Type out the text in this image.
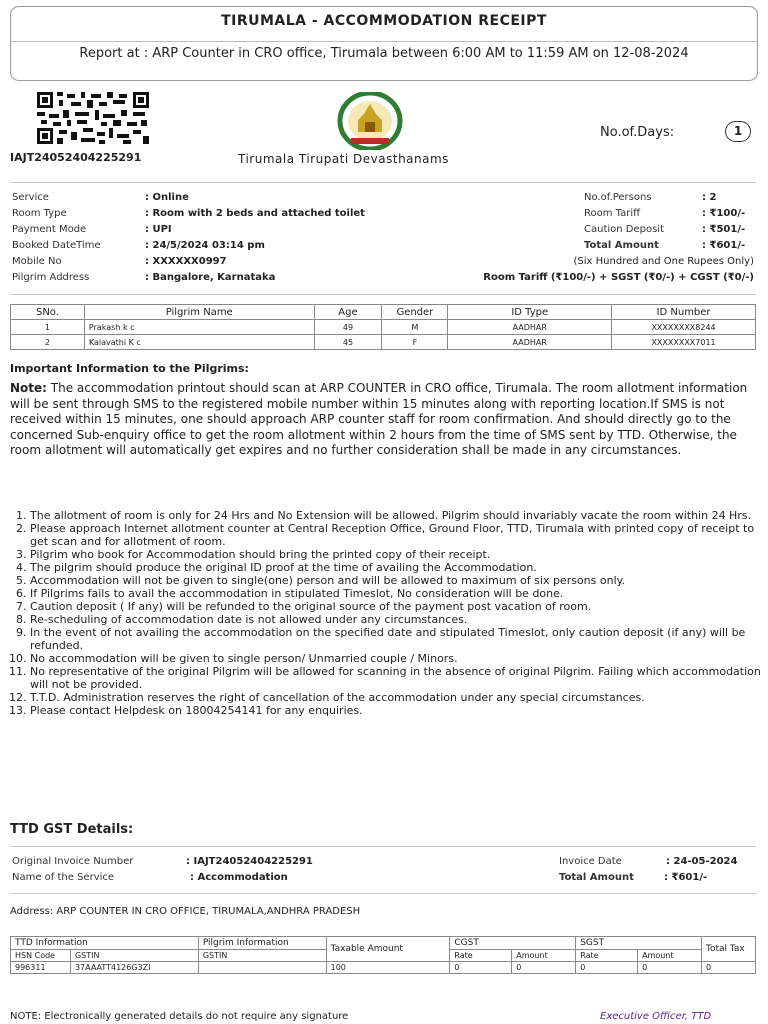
TIRUMALA - ACCOMMODATION RECEIPT
Report at : ARP Counter in CRO office, Tirumala between 6:00 AM to 11:59 AM on 12-08-2024
IAJT24052404225291	Tirumala Tirupati Devasthanams
No.of.Days:	1
Service	: Online
Room Type	: Room with 2 beds and attached toilet
Payment Mode	: UPI
Booked DateTime	: 24/5/2024 03:14 pm
Mobile No	: XXXXXX0997
Pilgrim Address	: Bangalore, Karnataka
No.of.Persons	: 2
Room Tariff	: ₹100/-
Caution Deposit	: ₹501/-
Total Amount	: ₹601/-
(Six Hundred and One Rupees Only)
Room Tariff (₹100/-) + SGST (₹0/-) + CGST (₹0/-)
SNo.	Pilgrim Name	Age	Gender	ID Type	ID Number
1	Prakash k c	49	M	AADHAR	XXXXXXXX8244
2	Kalavathi K c	45	F	AADHAR	XXXXXXXX7011
Important Information to the Pilgrims:
Note: The accommodation printout should scan at ARP COUNTER in CRO office, Tirumala. The room allotment information will be sent through SMS to the registered mobile number within 15 minutes along with reporting location.If SMS is not received within 15 minutes, one should approach ARP counter staff for room confirmation. And should directly go to the concerned Sub-enquiry office to get the room allotment within 2 hours from the time of SMS sent by TTD. Otherwise, the room allotment will automatically get expires and no further consideration shall be made in any circumstances.
1. The allotment of room is only for 24 Hrs and No Extension will be allowed. Pilgrim should invariably vacate the room within 24 Hrs.
2. Please approach Internet allotment counter at Central Reception Office, Ground Floor, TTD, Tirumala with printed copy of receipt to get scan and for allotment of room.
3. Pilgrim who book for Accommodation should bring the printed copy of their receipt.
4. The pilgrim should produce the original ID proof at the time of availing the Accommodation.
5. Accommodation will not be given to single(one) person and will be allowed to maximum of six persons only.
6. If Pilgrims fails to avail the accommodation in stipulated Timeslot, No consideration will be done.
7. Caution deposit ( If any) will be refunded to the original source of the payment post vacation of room.
8. Re-scheduling of accommodation date is not allowed under any circumstances.
9. In the event of not availing the accommodation on the specified date and stipulated Timeslot, only caution deposit (if any) will be refunded.
10. No accommodation will be given to single person/ Unmarried couple / Minors.
11. No representative of the original Pilgrim will be allowed for scanning in the absence of original Pilgrim. Failing which accommodation will not be provided.
12. T.T.D. Administration reserves the right of cancellation of the accommodation under any special circumstances.
13. Please contact Helpdesk on 18004254141 for any enquiries.
TTD GST Details:
Original Invoice Number	: IAJT24052404225291
Name of the Service	: Accommodation
Invoice Date	: 24-05-2024
Total Amount	: ₹601/-
Address: ARP COUNTER IN CRO OFFICE, TIRUMALA,ANDHRA PRADESH
TTD Information		Pilgrim Information	Taxable Amount	CGST		SGST		Total Tax
HSN Code	GSTIN	GSTIN		Rate	Amount	Rate	Amount	
996311	37AAATT4126G3ZI		100	0	0	0	0	0
NOTE: Electronically generated details do not require any signature	Executive Officer, TTD
